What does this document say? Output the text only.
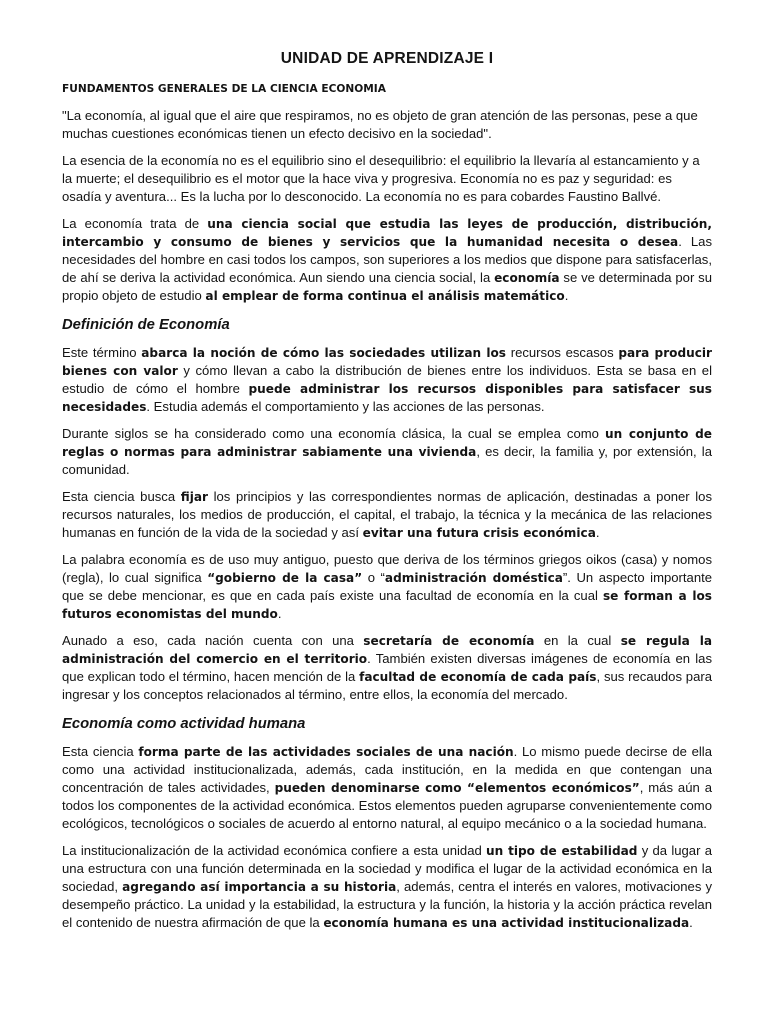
UNIDAD DE APRENDIZAJE I
FUNDAMENTOS GENERALES DE LA CIENCIA ECONOMIA

"La economía, al igual que el aire que respiramos, no es objeto de gran atención de las personas, pese a que muchas cuestiones económicas tienen un efecto decisivo en la sociedad".

La esencia de la economía no es el equilibrio sino el desequilibrio: el equilibrio la llevaría al estancamiento y a la muerte; el desequilibrio es el motor que la hace viva y progresiva. Economía no es paz y seguridad: es osadía y aventura... Es la lucha por lo desconocido. La economía no es para cobardes Faustino Ballvé.

La economía trata de una ciencia social que estudia las leyes de producción, distribución, intercambio y consumo de bienes y servicios que la humanidad necesita o desea. Las necesidades del hombre en casi todos los campos, son superiores a los medios que dispone para satisfacerlas, de ahí se deriva la actividad económica. Aun siendo una ciencia social, la economía se ve determinada por su propio objeto de estudio al emplear de forma continua el análisis matemático.

Definición de Economía

Este término abarca la noción de cómo las sociedades utilizan los recursos escasos para producir bienes con valor y cómo llevan a cabo la distribución de bienes entre los individuos. Esta se basa en el estudio de cómo el hombre puede administrar los recursos disponibles para satisfacer sus necesidades. Estudia además el comportamiento y las acciones de las personas.

Durante siglos se ha considerado como una economía clásica, la cual se emplea como un conjunto de reglas o normas para administrar sabiamente una vivienda, es decir, la familia y, por extensión, la comunidad.

Esta ciencia busca fijar los principios y las correspondientes normas de aplicación, destinadas a poner los recursos naturales, los medios de producción, el capital, el trabajo, la técnica y la mecánica de las relaciones humanas en función de la vida de la sociedad y así evitar una futura crisis económica.

La palabra economía es de uso muy antiguo, puesto que deriva de los términos griegos oikos (casa) y nomos (regla), lo cual significa “gobierno de la casa” o “administración doméstica”. Un aspecto importante que se debe mencionar, es que en cada país existe una facultad de economía en la cual se forman a los futuros economistas del mundo.

Aunado a eso, cada nación cuenta con una secretaría de economía en la cual se regula la administración del comercio en el territorio. También existen diversas imágenes de economía en las que explican todo el término, hacen mención de la facultad de economía de cada país, sus recaudos para ingresar y los conceptos relacionados al término, entre ellos, la economía del mercado.

Economía como actividad humana

Esta ciencia forma parte de las actividades sociales de una nación. Lo mismo puede decirse de ella como una actividad institucionalizada, además, cada institución, en la medida en que contengan una concentración de tales actividades, pueden denominarse como “elementos económicos”, más aún a todos los componentes de la actividad económica. Estos elementos pueden agruparse convenientemente como ecológicos, tecnológicos o sociales de acuerdo al entorno natural, al equipo mecánico o a la sociedad humana.

La institucionalización de la actividad económica confiere a esta unidad un tipo de estabilidad y da lugar a una estructura con una función determinada en la sociedad y modifica el lugar de la actividad económica en la sociedad, agregando así importancia a su historia, además, centra el interés en valores, motivaciones y desempeño práctico. La unidad y la estabilidad, la estructura y la función, la historia y la acción práctica revelan el contenido de nuestra afirmación de que la economía humana es una actividad institucionalizada.
